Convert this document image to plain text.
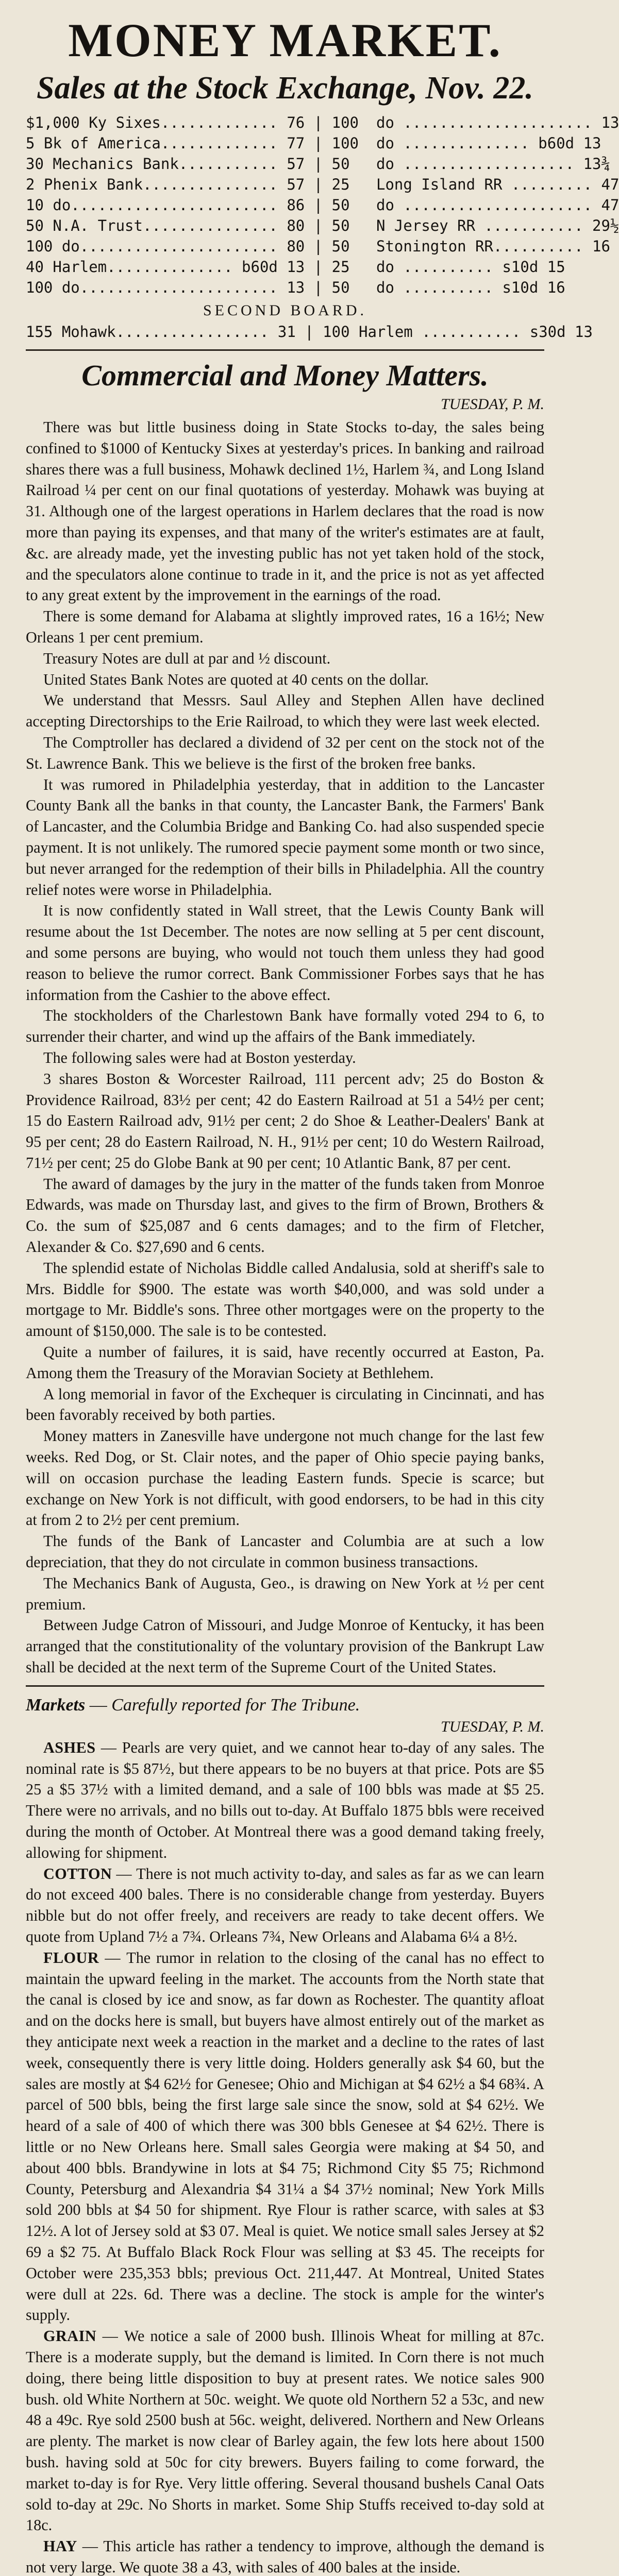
MONEY MARKET.
Sales at the Stock Exchange, Nov. 22.
$1,000 Ky Sixes............. 76 | 100
5 Bk of America............. 77 | 100
30 Mechanics Bank........... 57 | 50
2 Phenix Bank............... 57 | 25
10 do....................... 86 | 50
50 N.A. Trust............... 80 | 50
100 do...................... 80 | 50
40 Harlem.............. b60d 13 | 25
100 do...................... 13 | 50
do ..................... 13
do .............. b60d 13
do ................... 13¾
Long Island RR ......... 47
do ..................... 47
N Jersey RR ........... 29½
Stonington RR.......... 16
do .......... s10d 15
do .......... s10d 16
SECOND BOARD.
155 Mohawk................. 31 | 100 Harlem ........... s30d 13
Commercial and Money Matters.
TUESDAY, P. M.

There was but little business doing in State Stocks to-day, the sales being confined to $1000 of Kentucky Sixes at yesterday's prices. In banking and railroad shares there was a full business, Mohawk declined 1½, Harlem ¾, and Long Island Railroad ¼ per cent on our final quotations of yesterday. Mohawk was buying at 31. Although one of the largest operations in Harlem declares that the road is now more than paying its expenses, and that many of the writer's estimates are at fault, &c. are already made, yet the investing public has not yet taken hold of the stock, and the speculators alone continue to trade in it, and the price is not as yet affected to any great extent by the improvement in the earnings of the road.

There is some demand for Alabama at slightly improved rates, 16 a 16½; New Orleans 1 per cent premium.

Treasury Notes are dull at par and ½ discount.

United States Bank Notes are quoted at 40 cents on the dollar.

We understand that Messrs. Saul Alley and Stephen Allen have declined accepting Directorships to the Erie Railroad, to which they were last week elected.

The Comptroller has declared a dividend of 32 per cent on the stock not of the St. Lawrence Bank. This we believe is the first of the broken free banks.

It was rumored in Philadelphia yesterday, that in addition to the Lancaster County Bank all the banks in that county, the Lancaster Bank, the Farmers' Bank of Lancaster, and the Columbia Bridge and Banking Co. had also suspended specie payment. It is not unlikely. The rumored specie payment some month or two since, but never arranged for the redemption of their bills in Philadelphia. All the country relief notes were worse in Philadelphia.

It is now confidently stated in Wall street, that the Lewis County Bank will resume about the 1st December. The notes are now selling at 5 per cent discount, and some persons are buying, who would not touch them unless they had good reason to believe the rumor correct. Bank Commissioner Forbes says that he has information from the Cashier to the above effect.

The stockholders of the Charlestown Bank have formally voted 294 to 6, to surrender their charter, and wind up the affairs of the Bank immediately.

The following sales were had at Boston yesterday.

3 shares Boston & Worcester Railroad, 111 percent adv; 25 do Boston & Providence Railroad, 83½ per cent; 42 do Eastern Railroad at 51 a 54½ per cent; 15 do Eastern Railroad adv, 91½ per cent; 2 do Shoe & Leather-Dealers' Bank at 95 per cent; 28 do Eastern Railroad, N. H., 91½ per cent; 10 do Western Railroad, 71½ per cent; 25 do Globe Bank at 90 per cent; 10 Atlantic Bank, 87 per cent.

The award of damages by the jury in the matter of the funds taken from Monroe Edwards, was made on Thursday last, and gives to the firm of Brown, Brothers & Co. the sum of $25,087 and 6 cents damages; and to the firm of Fletcher, Alexander & Co. $27,690 and 6 cents.

The splendid estate of Nicholas Biddle called Andalusia, sold at sheriff's sale to Mrs. Biddle for $900. The estate was worth $40,000, and was sold under a mortgage to Mr. Biddle's sons. Three other mortgages were on the property to the amount of $150,000. The sale is to be contested.

Quite a number of failures, it is said, have recently occurred at Easton, Pa. Among them the Treasury of the Moravian Society at Bethlehem.

A long memorial in favor of the Exchequer is circulating in Cincinnati, and has been favorably received by both parties.

Money matters in Zanesville have undergone not much change for the last few weeks. Red Dog, or St. Clair notes, and the paper of Ohio specie paying banks, will on occasion purchase the leading Eastern funds. Specie is scarce; but exchange on New York is not difficult, with good endorsers, to be had in this city at from 2 to 2½ per cent premium.

The funds of the Bank of Lancaster and Columbia are at such a low depreciation, that they do not circulate in common business transactions.

The Mechanics Bank of Augusta, Geo., is drawing on New York at ½ per cent premium.

Between Judge Catron of Missouri, and Judge Monroe of Kentucky, it has been arranged that the constitutionality of the voluntary provision of the Bankrupt Law shall be decided at the next term of the Supreme Court of the United States.

Markets — Carefully reported for The Tribune.
TUESDAY, P. M.

ASHES — Pearls are very quiet, and we cannot hear to-day of any sales. The nominal rate is $5 87½, but there appears to be no buyers at that price. Pots are $5 25 a $5 37½ with a limited demand, and a sale of 100 bbls was made at $5 25. There were no arrivals, and no bills out to-day. At Buffalo 1875 bbls were received during the month of October. At Montreal there was a good demand taking freely, allowing for shipment.

COTTON — There is not much activity to-day, and sales as far as we can learn do not exceed 400 bales. There is no considerable change from yesterday. Buyers nibble but do not offer freely, and receivers are ready to take decent offers. We quote from Upland 7½ a 7¾. Orleans 7¾, New Orleans and Alabama 6¼ a 8½.

FLOUR — The rumor in relation to the closing of the canal has no effect to maintain the upward feeling in the market. The accounts from the North state that the canal is closed by ice and snow, as far down as Rochester. The quantity afloat and on the docks here is small, but buyers have almost entirely out of the market as they anticipate next week a reaction in the market and a decline to the rates of last week, consequently there is very little doing. Holders generally ask $4 60, but the sales are mostly at $4 62½ for Genesee; Ohio and Michigan at $4 62½ a $4 68¾. A parcel of 500 bbls, being the first large sale since the snow, sold at $4 62½. We heard of a sale of 400 of which there was 300 bbls Genesee at $4 62½. There is little or no New Orleans here. Small sales Georgia were making at $4 50, and about 400 bbls. Brandywine in lots at $4 75; Richmond City $5 75; Richmond County, Petersburg and Alexandria $4 31¼ a $4 37½ nominal; New York Mills sold 200 bbls at $4 50 for shipment. Rye Flour is rather scarce, with sales at $3 12½. A lot of Jersey sold at $3 07. Meal is quiet. We notice small sales Jersey at $2 69 a $2 75. At Buffalo Black Rock Flour was selling at $3 45. The receipts for October were 235,353 bbls; previous Oct. 211,447. At Montreal, United States were dull at 22s. 6d. There was a decline. The stock is ample for the winter's supply.

GRAIN — We notice a sale of 2000 bush. Illinois Wheat for milling at 87c. There is a moderate supply, but the demand is limited. In Corn there is not much doing, there being little disposition to buy at present rates. We notice sales 900 bush. old White Northern at 50c. weight. We quote old Northern 52 a 53c, and new 48 a 49c. Rye sold 2500 bush at 56c. weight, delivered. Northern and New Orleans are plenty. The market is now clear of Barley again, the few lots here about 1500 bush. having sold at 50c for city brewers. Buyers failing to come forward, the market to-day is for Rye. Very little offering. Several thousand bushels Canal Oats sold to-day at 29c. No Shorts in market. Some Ship Stuffs received to-day sold at 18c.

HAY — This article has rather a tendency to improve, although the demand is not very large. We quote 38 a 43, with sales of 400 bales at the inside.
